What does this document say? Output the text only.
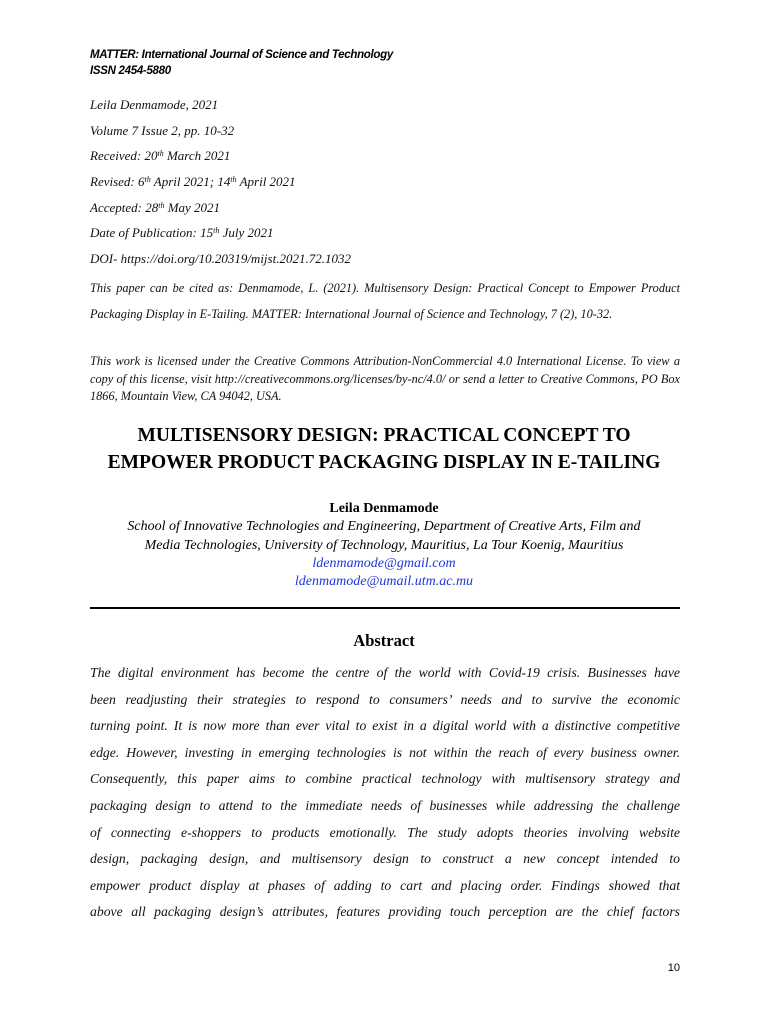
MATTER: International Journal of Science and Technology
ISSN 2454-5880
Leila Denmamode, 2021
Volume 7 Issue 2, pp. 10-32
Received: 20th March 2021
Revised: 6th April 2021; 14th April 2021
Accepted: 28th May 2021
Date of Publication: 15th July 2021
DOI- https://doi.org/10.20319/mijst.2021.72.1032
This paper can be cited as: Denmamode, L. (2021). Multisensory Design: Practical Concept to Empower Product Packaging Display in E-Tailing. MATTER: International Journal of Science and Technology, 7 (2), 10-32.
This work is licensed under the Creative Commons Attribution-NonCommercial 4.0 International License. To view a copy of this license, visit http://creativecommons.org/licenses/by-nc/4.0/ or send a letter to Creative Commons, PO Box 1866, Mountain View, CA 94042, USA.
MULTISENSORY DESIGN: PRACTICAL CONCEPT TO
EMPOWER PRODUCT PACKAGING DISPLAY IN E-TAILING
Leila Denmamode
School of Innovative Technologies and Engineering, Department of Creative Arts, Film and
Media Technologies, University of Technology, Mauritius, La Tour Koenig, Mauritius
ldenmamode@gmail.com
ldenmamode@umail.utm.ac.mu
Abstract
The digital environment has become the centre of the world with Covid-19 crisis. Businesses have
been readjusting their strategies to respond to consumers’ needs and to survive the economic
turning point. It is now more than ever vital to exist in a digital world with a distinctive competitive
edge. However, investing in emerging technologies is not within the reach of every business owner.
Consequently, this paper aims to combine practical technology with multisensory strategy and
packaging design to attend to the immediate needs of businesses while addressing the challenge
of connecting e-shoppers to products emotionally. The study adopts theories involving website
design, packaging design, and multisensory design to construct a new concept intended to
empower product display at phases of adding to cart and placing order. Findings showed that
above all packaging design’s attributes, features providing touch perception are the chief factors
10
